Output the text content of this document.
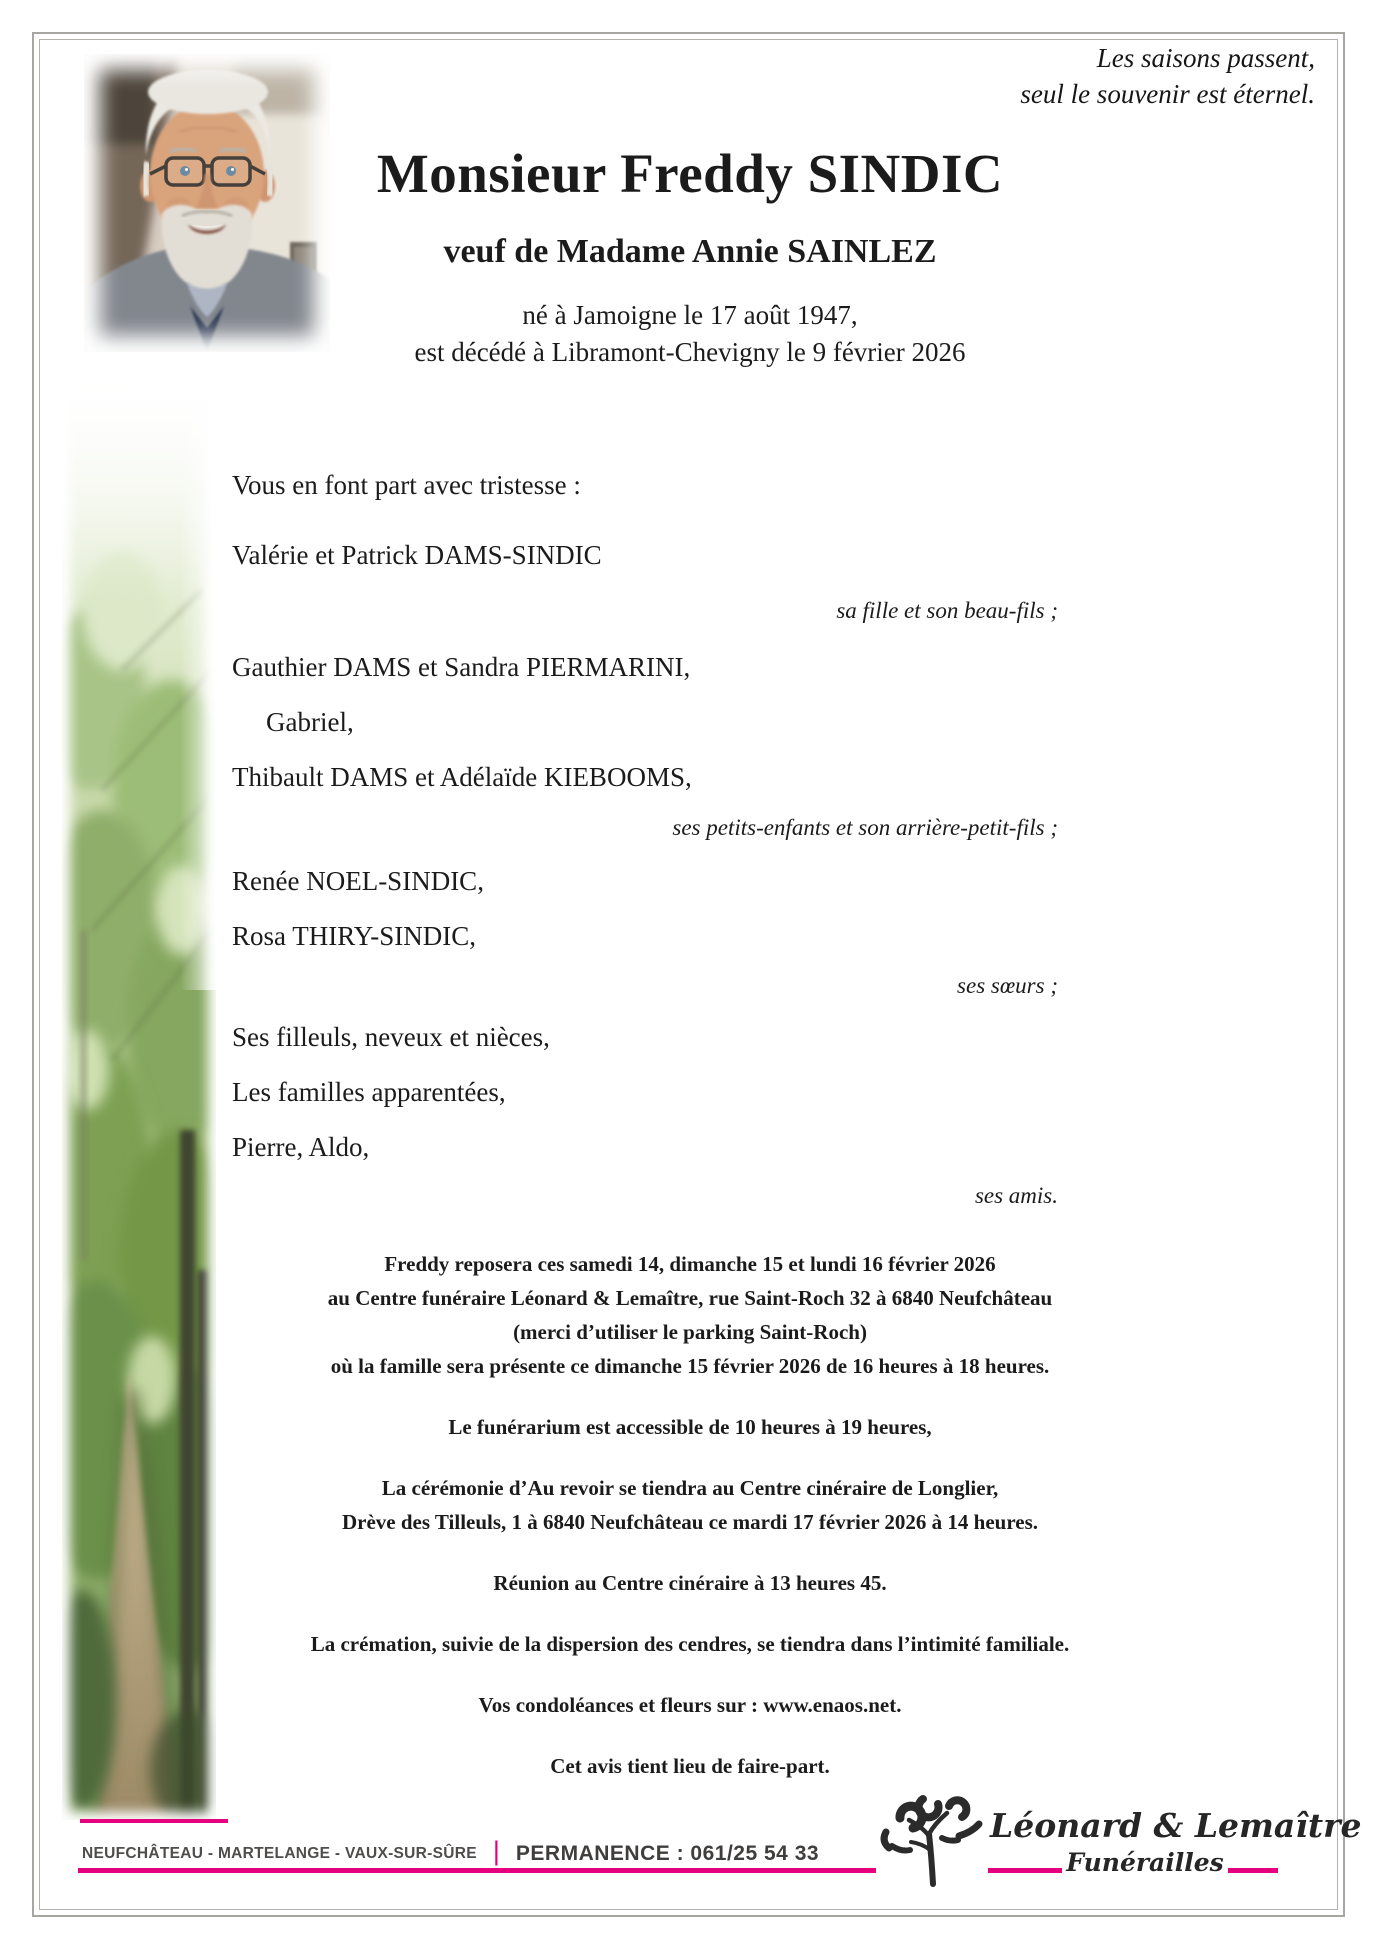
Les saisons passent,
seul le souvenir est éternel.
Monsieur Freddy SINDIC
veuf de Madame Annie SAINLEZ
né à Jamoigne le 17 août 1947,
est décédé à Libramont-Chevigny le 9 février 2026
Vous en font part avec tristesse :
Valérie et Patrick DAMS-SINDIC
sa fille et son beau-fils ;
Gauthier DAMS et Sandra PIERMARINI,
Gabriel,
Thibault DAMS et Adélaïde KIEBOOMS,
ses petits-enfants et son arrière-petit-fils ;
Renée NOEL-SINDIC,
Rosa THIRY-SINDIC,
ses sœurs ;
Ses filleuls, neveux et nièces,
Les familles apparentées,
Pierre, Aldo,
ses amis.

Freddy reposera ces samedi 14, dimanche 15 et lundi 16 février 2026
au Centre funéraire Léonard & Lemaître, rue Saint-Roch 32 à 6840 Neufchâteau
(merci d’utiliser le parking Saint-Roch)
où la famille sera présente ce dimanche 15 février 2026 de 16 heures à 18 heures.

Le funérarium est accessible de 10 heures à 19 heures,

La cérémonie d’Au revoir se tiendra au Centre cinéraire de Longlier,
Drève des Tilleuls, 1 à 6840 Neufchâteau ce mardi 17 février 2026 à 14 heures.

Réunion au Centre cinéraire à 13 heures 45.

La crémation, suivie de la dispersion des cendres, se tiendra dans l’intimité familiale.

Vos condoléances et fleurs sur : www.enaos.net.

Cet avis tient lieu de faire-part.

NEUFCHÂTEAU - MARTELANGE - VAUX-SUR-SÛRE | PERMANENCE : 061/25 54 33
Léonard & Lemaître
Funérailles
